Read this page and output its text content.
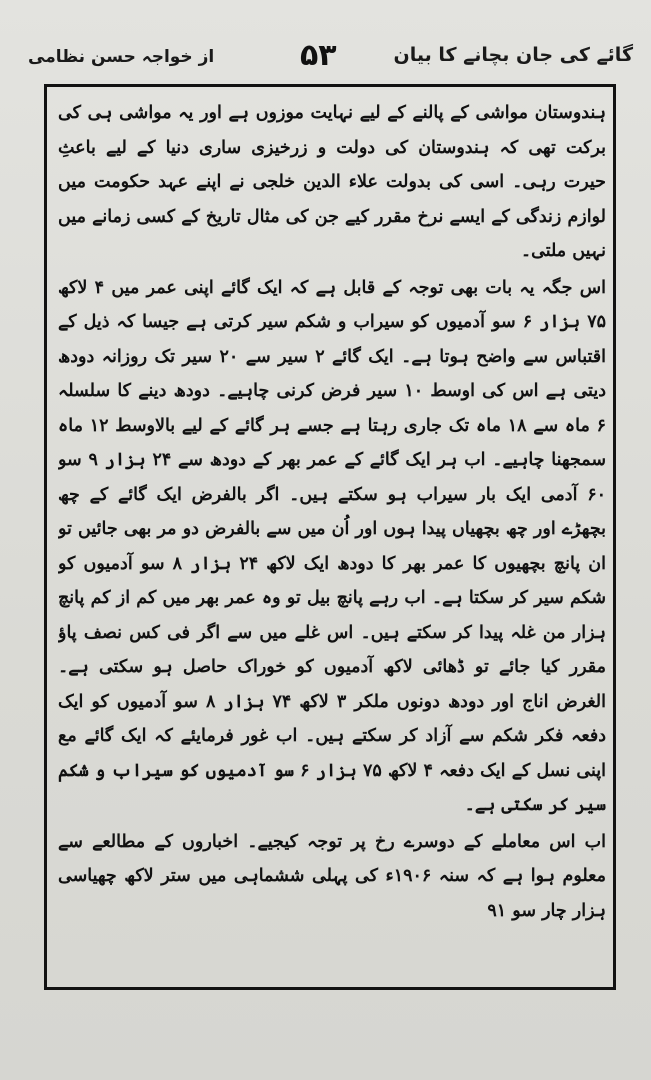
گائے کی جان بچانے کا بیان
۵۳
از خواجہ حسن نظامی

ہندوستان مواشی کے پالنے کے لیے نہایت موزوں ہے اور یہ مواشی ہی کی برکت تھی کہ ہندوستان کی دولت و زرخیزی ساری دنیا کے لیے باعثِ حیرت رہی۔ اسی کی بدولت علاء الدین خلجی نے اپنے عہد حکومت میں لوازم زندگی کے ایسے نرخ مقرر کیے جن کی مثال تاریخ کے کسی زمانے میں نہیں ملتی۔

اس جگہ یہ بات بھی توجہ کے قابل ہے کہ ایک گائے اپنی عمر میں ۴ لاکھ ۷۵ ہزار ۶ سو آدمیوں کو سیراب و شکم سیر کرتی ہے جیسا کہ ذیل کے اقتباس سے واضح ہوتا ہے۔ ایک گائے ۲ سیر سے ۲۰ سیر تک روزانہ دودھ دیتی ہے اس کی اوسط ۱۰ سیر فرض کرنی چاہیے۔ دودھ دینے کا سلسلہ ۶ ماہ سے ۱۸ ماہ تک جاری رہتا ہے جسے ہر گائے کے لیے بالاوسط ۱۲ ماہ سمجھنا چاہیے۔ اب ہر ایک گائے کے عمر بھر کے دودھ سے ۲۴ ہزار ۹ سو ۶۰ آدمی ایک بار سیراب ہو سکتے ہیں۔ اگر بالفرض ایک گائے کے چھ بچھڑے اور چھ بچھیاں پیدا ہوں اور اُن میں سے بالفرض دو مر بھی جائیں تو ان پانچ بچھیوں کا عمر بھر کا دودھ ایک لاکھ ۲۴ ہزار ۸ سو آدمیوں کو شکم سیر کر سکتا ہے۔ اب رہے پانچ بیل تو وہ عمر بھر میں کم از کم پانچ ہزار من غلہ پیدا کر سکتے ہیں۔ اس غلے میں سے اگر فی کس نصف پاؤ مقرر کیا جائے تو ڈھائی لاکھ آدمیوں کو خوراک حاصل ہو سکتی ہے۔ الغرض اناج اور دودھ دونوں ملکر ۳ لاکھ ۷۴ ہزار ۸ سو آدمیوں کو ایک دفعہ فکر شکم سے آزاد کر سکتے ہیں۔ اب غور فرمایئے کہ ایک گائے مع اپنی نسل کے ایک دفعہ ۴ لاکھ ۷۵ ہزار ۶ سو آدمیوں کو سیراب و شکم سیر کر سکتی ہے۔

اب اس معاملے کے دوسرے رخ پر توجہ کیجیے۔ اخباروں کے مطالعے سے معلوم ہوا ہے کہ سنہ ۱۹۰۶ء کی پہلی ششماہی میں ستر لاکھ چھیاسی ہزار چار سو ۹۱
